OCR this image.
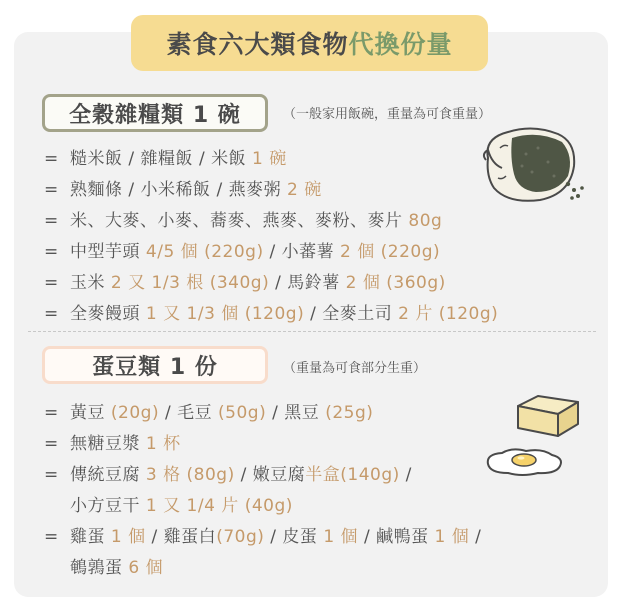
素食六大類食物 代換份量
全穀雜糧類 1 碗	（一般家用飯碗，重量為可食重量）
= 糙米飯 / 雜糧飯 / 米飯 1 碗
= 熟麵條 / 小米稀飯 / 燕麥粥 2 碗
= 米、大麥、小麥、蕎麥、燕麥、麥粉、麥片 80g
= 中型芋頭 4/5 個 (220g) / 小蕃薯 2 個 (220g)
= 玉米 2 又 1/3 根 (340g) / 馬鈴薯 2 個 (360g)
= 全麥饅頭 1 又 1/3 個 (120g) / 全麥土司 2 片 (120g)
蛋豆類 1 份	（重量為可食部分生重）
= 黃豆 (20g) / 毛豆 (50g) / 黑豆 (25g)
= 無糖豆漿 1 杯
= 傳統豆腐 3 格 (80g) / 嫩豆腐半盒(140g) /
小方豆干 1 又 1/4 片 (40g)
= 雞蛋 1 個 / 雞蛋白(70g) / 皮蛋 1 個 / 鹹鴨蛋 1 個 /
鵪鶉蛋 6 個
